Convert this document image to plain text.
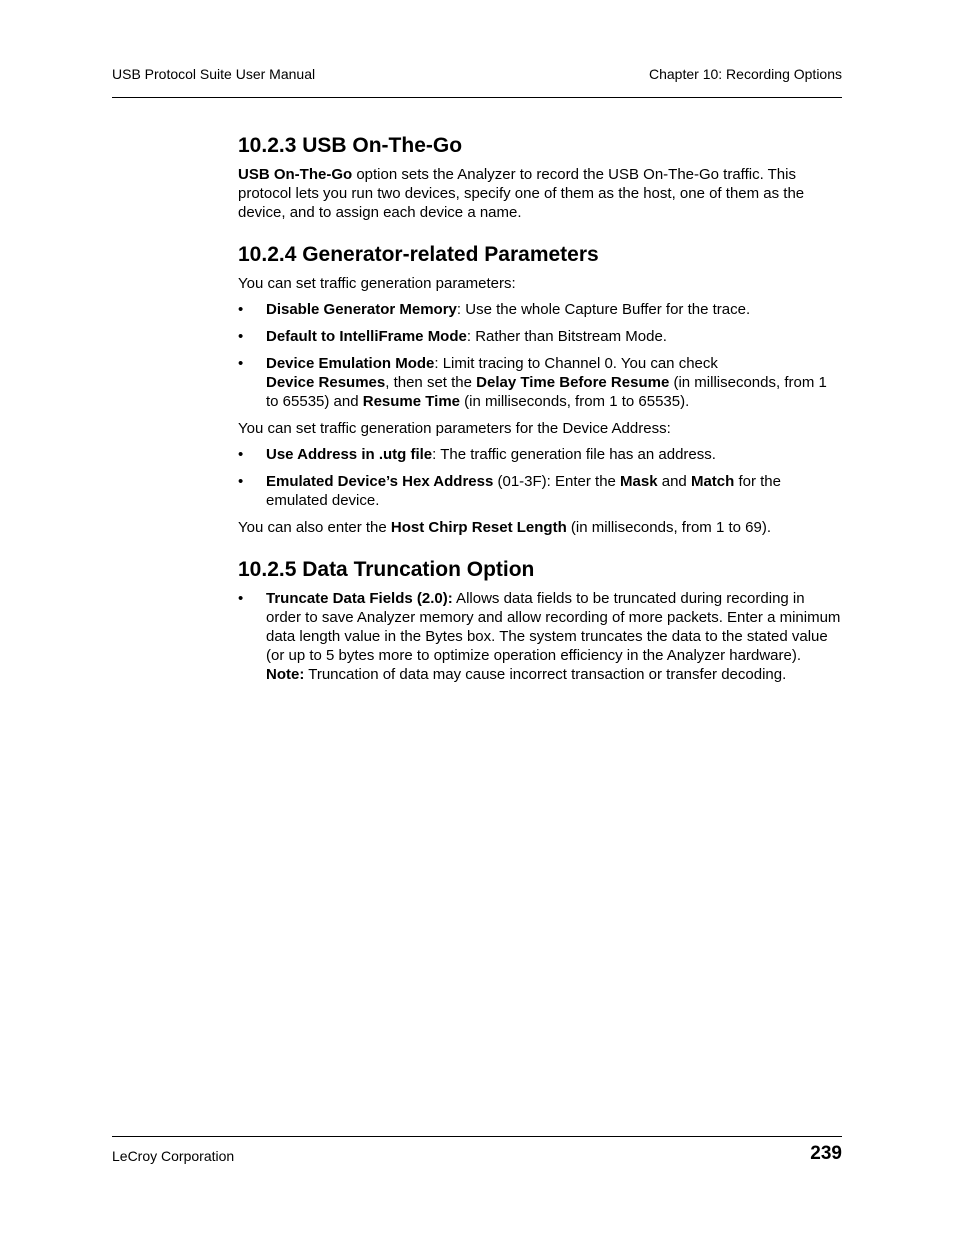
USB Protocol Suite User Manual	Chapter 10: Recording Options
10.2.3 USB On-The-Go

USB On-The-Go option sets the Analyzer to record the USB On-The-Go traffic. This protocol lets you run two devices, specify one of them as the host, one of them as the device, and to assign each device a name.

10.2.4 Generator-related Parameters

You can set traffic generation parameters:

• Disable Generator Memory: Use the whole Capture Buffer for the trace.
• Default to IntelliFrame Mode: Rather than Bitstream Mode.
• Device Emulation Mode: Limit tracing to Channel 0. You can check
Device Resumes, then set the Delay Time Before Resume (in milliseconds, from 1 to 65535) and Resume Time (in milliseconds, from 1 to 65535).

You can set traffic generation parameters for the Device Address:

• Use Address in .utg file: The traffic generation file has an address.
• Emulated Device’s Hex Address (01-3F): Enter the Mask and Match for the emulated device.

You can also enter the Host Chirp Reset Length (in milliseconds, from 1 to 69).

10.2.5 Data Truncation Option
• Truncate Data Fields (2.0): Allows data fields to be truncated during recording in order to save Analyzer memory and allow recording of more packets. Enter a minimum data length value in the Bytes box. The system truncates the data to the stated value (or up to 5 bytes more to optimize operation efficiency in the Analyzer hardware).
Note: Truncation of data may cause incorrect transaction or transfer decoding.
LeCroy Corporation	239
